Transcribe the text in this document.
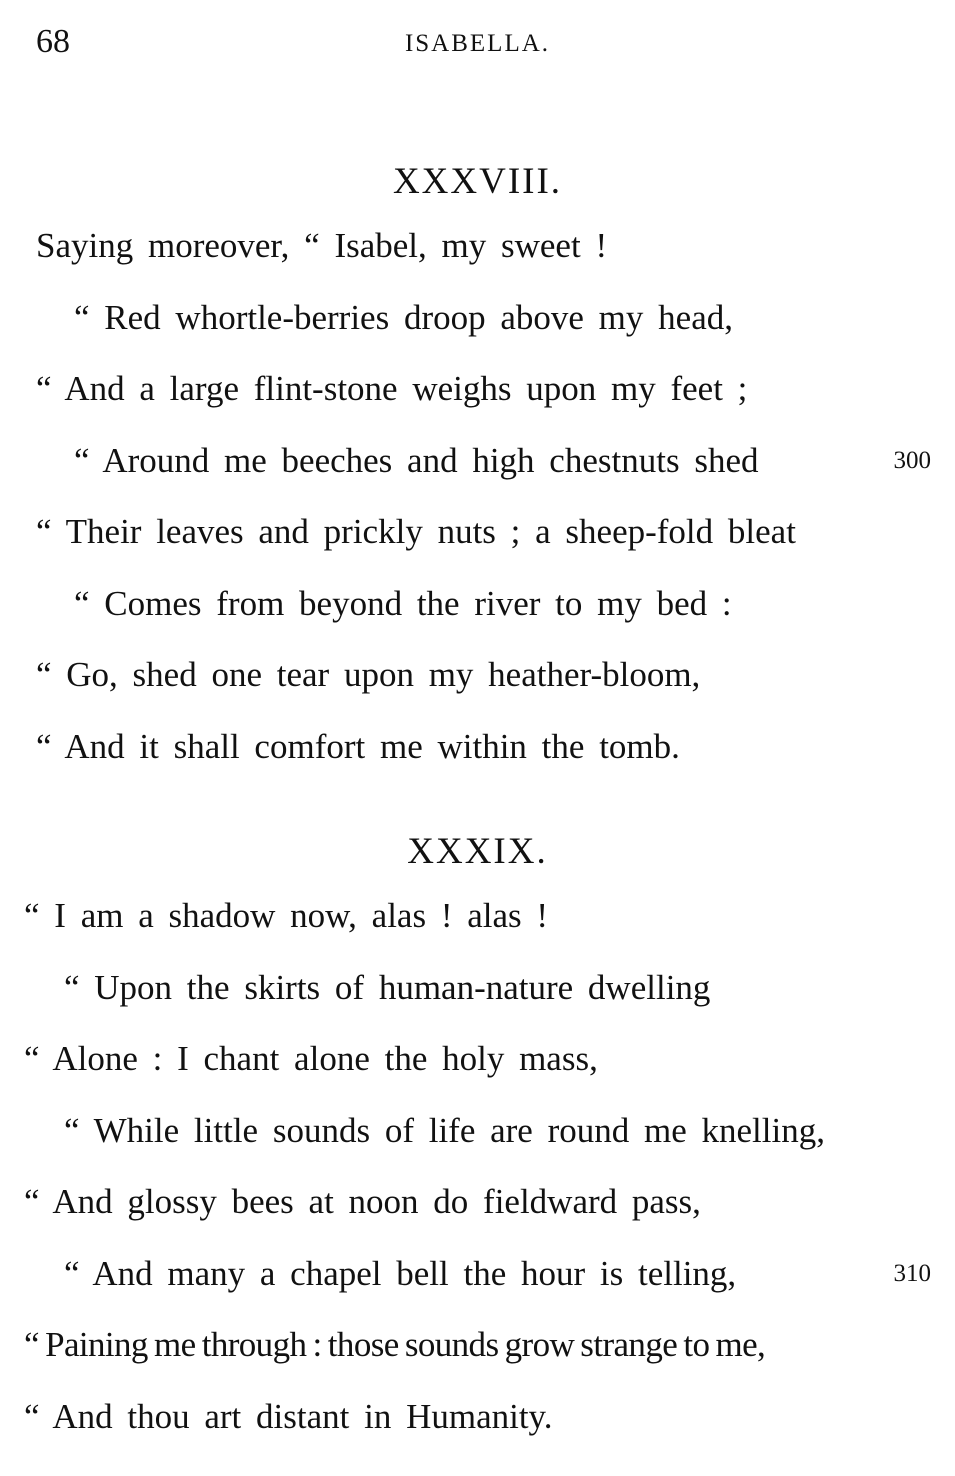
68	ISABELLA.
XXXVIII.
Saying moreover, “ Isabel, my sweet !
“ Red whortle-berries droop above my head,
“ And a large flint-stone weighs upon my feet ;
“ Around me beeches and high chestnuts shed	300
“ Their leaves and prickly nuts ; a sheep-fold bleat
“ Comes from beyond the river to my bed :
“ Go, shed one tear upon my heather-bloom,
“ And it shall comfort me within the tomb.
XXXIX.
“ I am a shadow now, alas ! alas !
“ Upon the skirts of human-nature dwelling
“ Alone : I chant alone the holy mass,
“ While little sounds of life are round me knelling,
“ And glossy bees at noon do fieldward pass,
“ And many a chapel bell the hour is telling,	310
“ Paining me through : those sounds grow strange to me,
“ And thou art distant in Humanity.
